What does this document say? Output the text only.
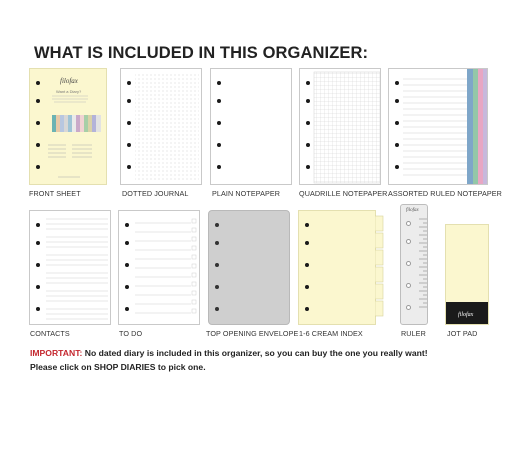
WHAT IS INCLUDED IN THIS ORGANIZER:
filofax
Want a Diary?
FRONT SHEET	DOTTED JOURNAL	PLAIN NOTEPAPER	QUADRILLE NOTEPAPER ASSORTED RULED NOTEPAPER
CONTACTS	TO DO	TOP OPENING ENVELOPE 1-6 CREAM INDEX
filofax
RULER
filofax
JOT PAD
IMPORTANT: No dated diary is included in this organizer, so you can buy the one you really want!
Please click on SHOP DIARIES to pick one.
